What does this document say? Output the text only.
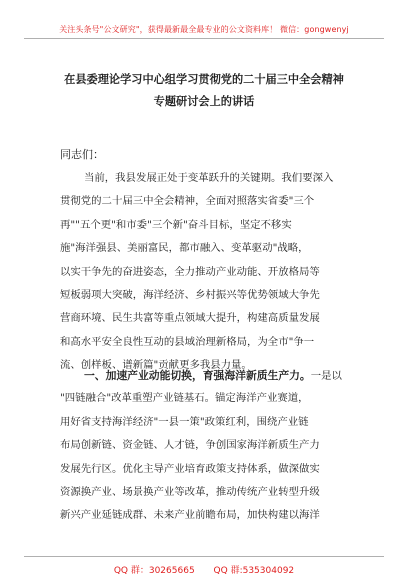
关注头条号"公文研究"，获得最新最全最专业的公文资料库！ 微信：gongwenyj
在县委理论学习中心组学习贯彻党的二十届三中全会精神
专题研讨会上的讲话
同志们：
当前，我县发展正处于变革跃升的关键期。我们要深入
贯彻党的二十届三中全会精神，全面对照落实省委"三个
再""五个更"和市委"三个新"奋斗目标，坚定不移实
施"海洋强县、美丽富民，都市融入、变革驱动"战略，
以实干争先的奋进姿态，全力推动产业动能、开放格局等
短板弱项大突破，海洋经济、乡村振兴等优势领域大争先
营商环境、民生共富等重点领域大提升，构建高质量发展
和高水平安全良性互动的县域治理新格局，为全市"争一
流、创样板、谱新篇"贡献更多我县力量。
一、加速产业动能切换，育强海洋新质生产力。一是以
"四链融合"改革重塑产业链基石。锚定海洋产业赛道，
用好省支持海洋经济"一县一策"政策红利，围绕产业链
布局创新链、资金链、人才链，争创国家海洋新质生产力
发展先行区。优化主导产业培育政策支持体系，做深做实
资源换产业、场景换产业等改革，推动传统产业转型升级
新兴产业延链成群、未来产业前瞻布局，加快构建以海洋
QQ 群：30265665 QQ 群:535304092
